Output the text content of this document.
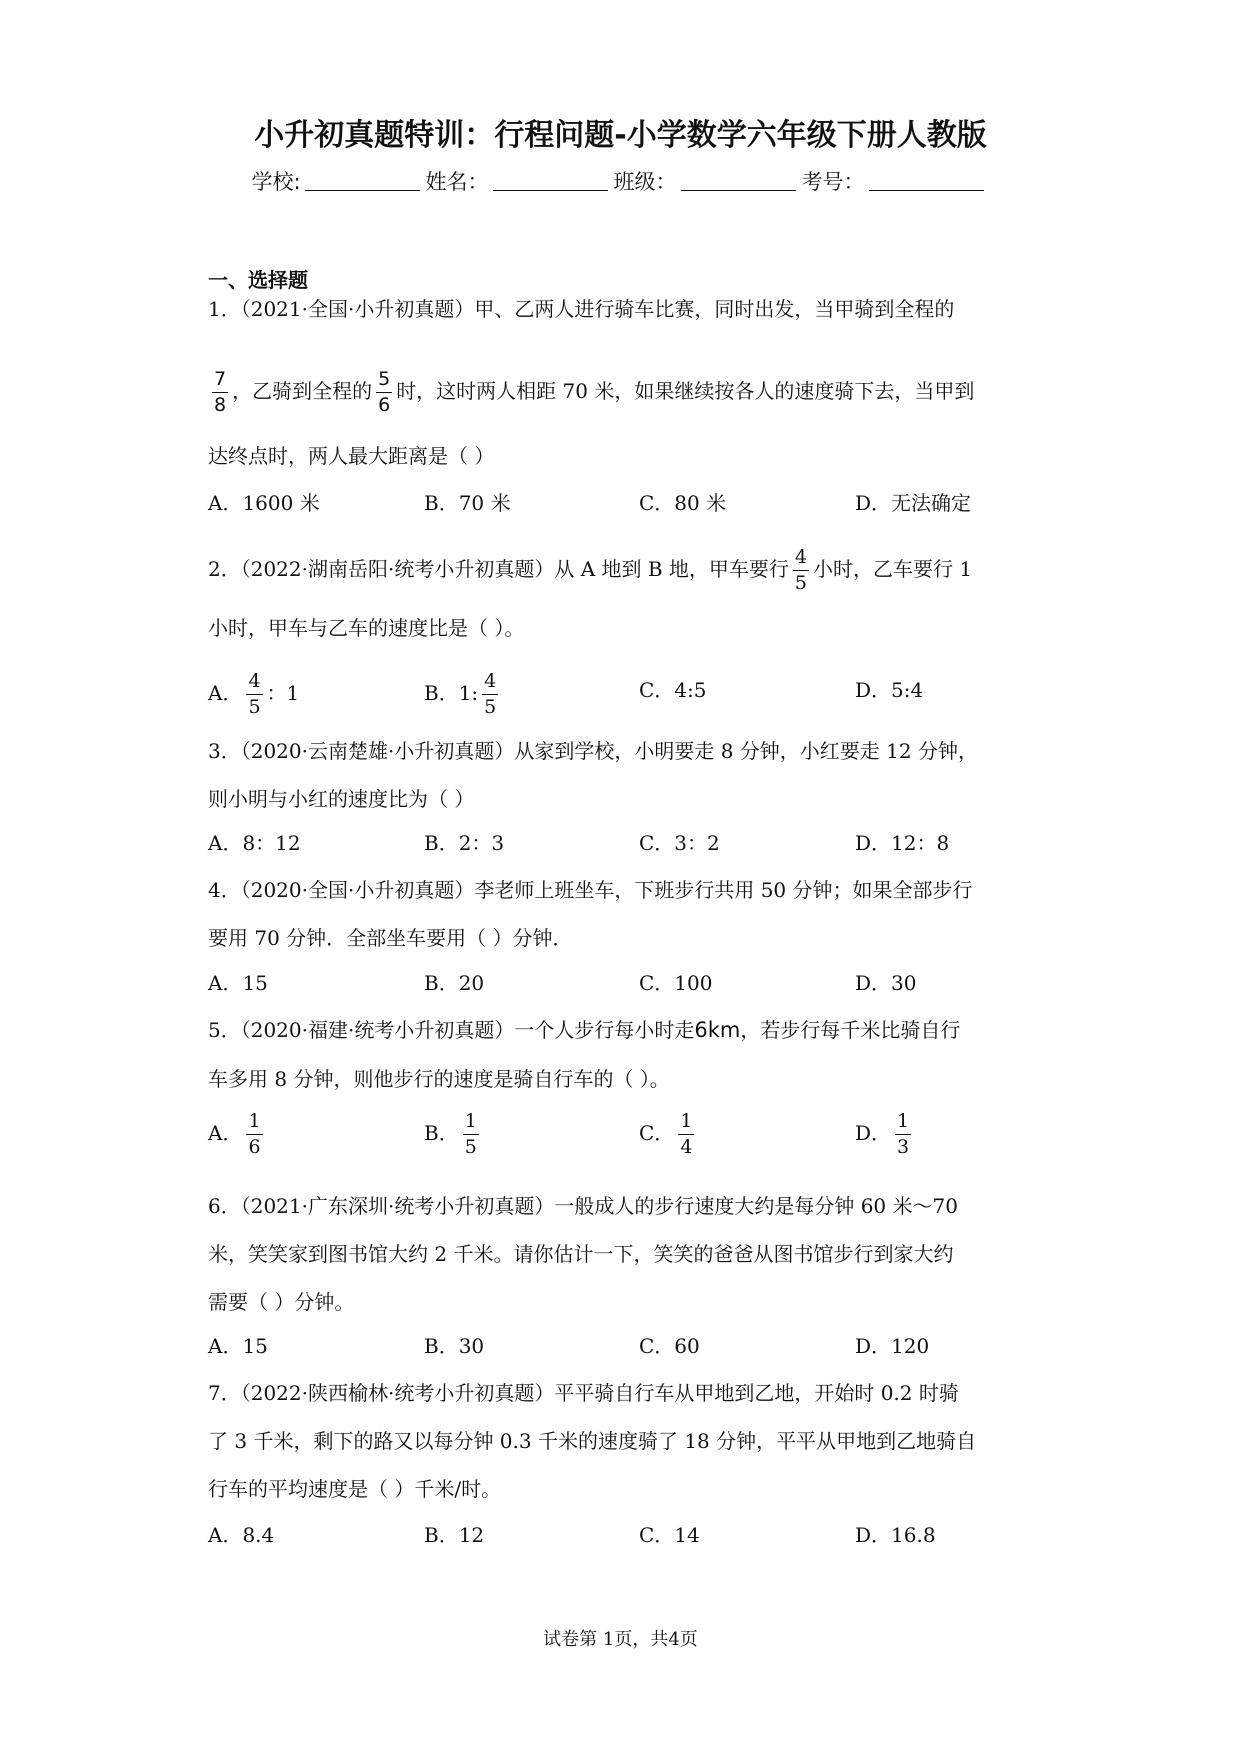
小升初真题特训：行程问题-小学数学六年级下册人教版
学校:	姓名：	班级：	考号：
一、选择题
1．（2021·全国·小升初真题）甲、乙两人进行骑车比赛，同时出发，当甲骑到全程的
$\frac{7}{8}$ ，乙骑到全程的 $\frac{5}{6}$ 时，这时两人相距 70 米，如果继续按各人的速度骑下去，当甲到
达终点时，两人最大距离是（ ）
A．1600 米	B．70 米	C．80 米	D．无法确定
2．（2022·湖南岳阳·统考小升初真题）从 A 地到 B 地，甲车要行 $\frac{4}{5}$ 小时，乙车要行 1
小时，甲车与乙车的速度比是（ ）。
A． $\frac{4}{5}$ ：1	B．1: $\frac{4}{5}$	C．4:5	D．5:4
3．（2020·云南楚雄·小升初真题）从家到学校，小明要走 8 分钟，小红要走 12 分钟，
则小明与小红的速度比为（ ）
A．8：12	B．2：3	C．3：2	D．12：8
4．（2020·全国·小升初真题）李老师上班坐车，下班步行共用 50 分钟；如果全部步行
要用 70 分钟．全部坐车要用（ ）分钟．
A．15	B．20	C．100	D．30
5．（2020·福建·统考小升初真题）一个人步行每小时走6km，若步行每千米比骑自行
车多用 8 分钟，则他步行的速度是骑自行车的（ ）。
A． $\frac{1}{6}$	B． $\frac{1}{5}$	C． $\frac{1}{4}$	D． $\frac{1}{3}$
6．（2021·广东深圳·统考小升初真题）一般成人的步行速度大约是每分钟 60 米～70
米，笑笑家到图书馆大约 2 千米。请你估计一下，笑笑的爸爸从图书馆步行到家大约
需要（ ）分钟。
A．15	B．30	C．60	D．120
7．（2022·陕西榆林·统考小升初真题）平平骑自行车从甲地到乙地，开始时 0.2 时骑
了 3 千米，剩下的路又以每分钟 0.3 千米的速度骑了 18 分钟，平平从甲地到乙地骑自
行车的平均速度是（ ）千米/时。
A．8.4	B．12	C．14	D．16.8
试卷第 1页，共4页
